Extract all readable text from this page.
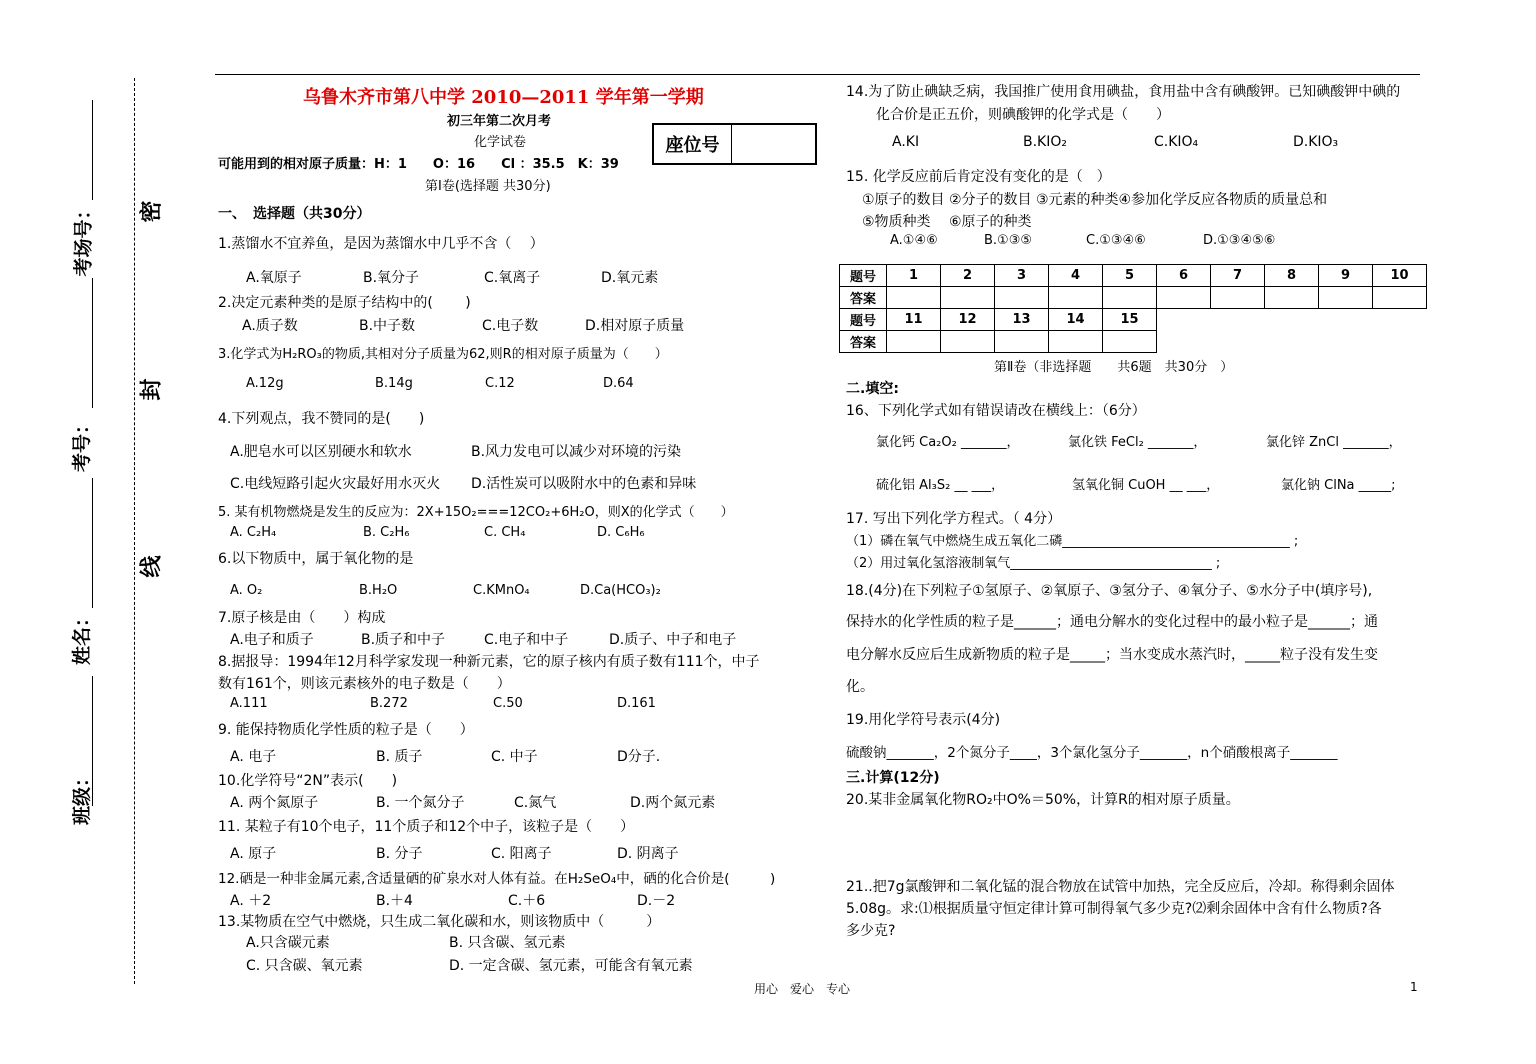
考场号：
考号：
姓名：
班级：
密
封
线
乌鲁木齐市第八中学 2010—2011 学年第一学期
初三年第二次月考
化学试卷	座位号
可能用到的相对原子质量：H：1　　O：16　　Cl ：35.5　K：39
第Ⅰ卷(选择题 共30分)
一、　选择题（共30分）
1.蒸馏水不宜养鱼，是因为蒸馏水中几乎不含（　 ）
A.氧原子	B.氧分子	C.氧离子	D.氧元素
2.决定元素种类的是原子结构中的(　　 )
A.质子数	B.中子数	C.电子数	D.相对原子质量
3.化学式为H₂RO₃的物质,其相对分子质量为62,则R的相对原子质量为（　　）
A.12g	B.14g	C.12	D.64
4.下列观点，我不赞同的是(　　)
A.肥皂水可以区别硬水和软水	B.风力发电可以减少对环境的污染
C.电线短路引起火灾最好用水灭火 D.活性炭可以吸附水中的色素和异味
5. 某有机物燃烧是发生的反应为：2X+15O₂===12CO₂+6H₂O，则X的化学式（　　）
A. C₂H₄	B. C₂H₆	C. CH₄	D. C₆H₆
6.以下物质中，属于氧化物的是
A. O₂	B.H₂O	C.KMnO₄	D.Ca(HCO₃)₂
7.原子核是由（　　）构成
A.电子和质子	B.质子和中子	C.电子和中子	D.质子、中子和电子
8.据报导：1994年12月科学家发现一种新元素，它的原子核内有质子数有111个，中子
数有161个，则该元素核外的电子数是（　　）
A.111	B.272	C.50	D.161
9. 能保持物质化学性质的粒子是（　　）
A. 电子	B. 质子	C. 中子	D分子.
10.化学符号“2N”表示(　　)
A. 两个氮原子	B. 一个氮分子	C.氮气	D.两个氮元素
11. 某粒子有10个电子，11个质子和12个中子，该粒子是（　　）
A. 原子	B. 分子	C. 阳离子	D. 阴离子
12.硒是一种非金属元素,含适量硒的矿泉水对人体有益。在H₂SeO₄中，硒的化合价是(　　　)
A. ＋2	B.＋4	C.＋6	D.－2
13.某物质在空气中燃烧，只生成二氧化碳和水，则该物质中（　　　）
A.只含碳元素	B. 只含碳、氢元素
C. 只含碳、氧元素	D. 一定含碳、氢元素，可能含有氧元素
14.为了防止碘缺乏病，我国推广使用食用碘盐，食用盐中含有碘酸钾。已知碘酸钾中碘的
化合价是正五价，则碘酸钾的化学式是（　　）
A.KI	B.KIO₂	C.KIO₄	D.KIO₃
15. 化学反应前后肯定没有变化的是（　）
①原子的数目 ②分子的数目 ③元素的种类④参加化学反应各物质的质量总和
⑤物质种类　 ⑥原子的种类
A.①④⑥	B.①③⑤	C.①③④⑥	D.①③④⑤⑥
题号	1	2	3	4	5	6	7	8	9	10
答案										
题号	11	12	13	14	15
答案					
第Ⅱ卷（非选择题　　共6题　共30分　）
二.填空:
16、下列化学式如有错误请改在横线上：（6分）
氯化钙 Ca₂O₂ _______，	氯化铁 FeCl₂ _______，	氯化锌 ZnCl _______，
硫化铝 Al₃S₂ __ ___，	氢氧化铜 CuOH __ ___，	氯化钠 ClNa _____;
17. 写出下列化学方程式。（ 4分）
（1）磷在氧气中燃烧生成五氧化二磷___________________________________ ;
（2）用过氧化氢溶液制氧气_______________________________ ;
18.(4分)在下列粒子①氢原子、②氧原子、③氢分子、④氧分子、⑤水分子中(填序号),
保持水的化学性质的粒子是______；通电分解水的变化过程中的最小粒子是______；通
电分解水反应后生成新物质的粒子是_____；当水变成水蒸汽时，_____粒子没有发生变
化。
19.用化学符号表示(4分)
硫酸钠_______，2个氮分子____，3个氯化氢分子_______，n个硝酸根离子_______
三.计算(12分)
20.某非金属氧化物RO₂中O%＝50%，计算R的相对原子质量。
21..把7g氯酸钾和二氧化锰的混合物放在试管中加热，完全反应后，冷却。称得剩余固体
5.08g。求:⑴根据质量守恒定律计算可制得氧气多少克?⑵剩余固体中含有什么物质?各
多少克?
用心　爱心　专心	1
